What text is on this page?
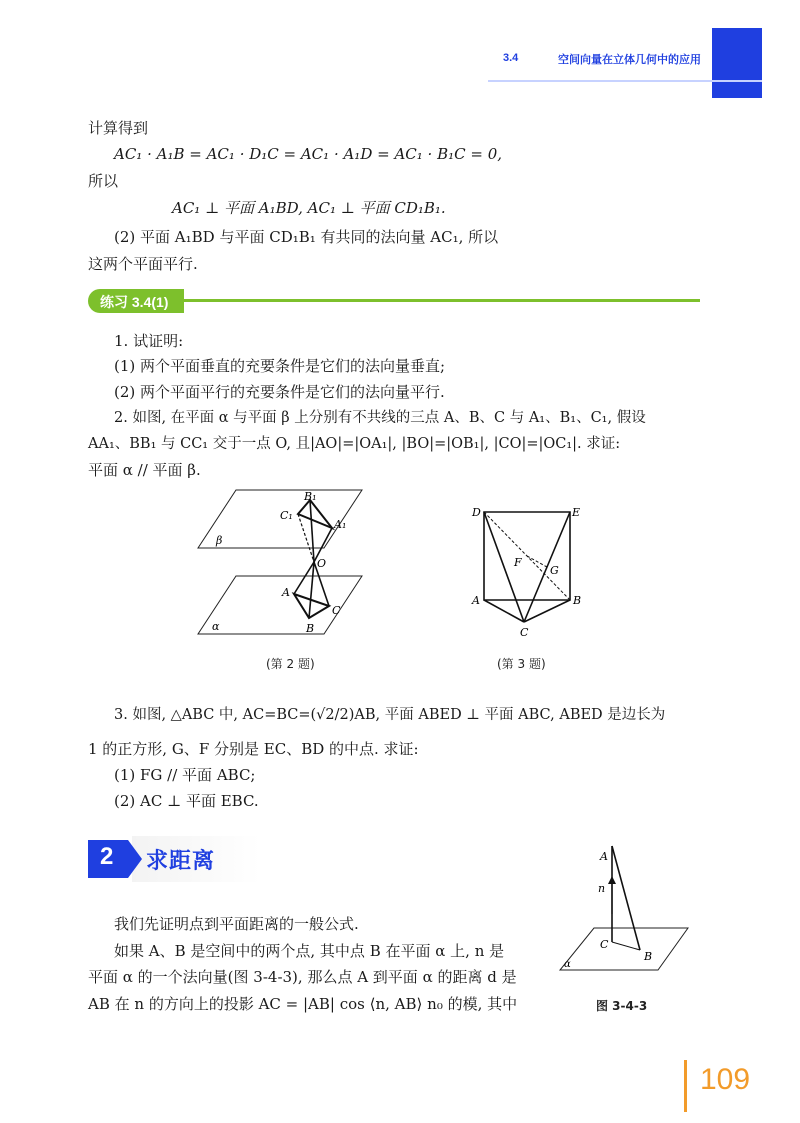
3.4	空间向量在立体几何中的应用
计算得到
AC₁ · A₁B = AC₁ · D₁C = AC₁ · A₁D = AC₁ · B₁C = 0,
所以
AC₁ ⊥ 平面 A₁BD, AC₁ ⊥ 平面 CD₁B₁.
(2) 平面 A₁BD 与平面 CD₁B₁ 有共同的法向量 AC₁, 所以
这两个平面平行.
练习 3.4(1)
1. 试证明:
(1) 两个平面垂直的充要条件是它们的法向量垂直;
(2) 两个平面平行的充要条件是它们的法向量平行.
2. 如图, 在平面 α 与平面 β 上分别有不共线的三点 A、B、C 与 A₁、B₁、C₁, 假设
AA₁、BB₁ 与 CC₁ 交于一点 O, 且|AO|=|OA₁|, |BO|=|OB₁|, |CO|=|OC₁|. 求证:
平面 α // 平面 β.
B₁
C₁
A₁
β
O
A
C
B
α
D	E
F
G
A	B
C
(第 2 题)	(第 3 题)
3. 如图, △ABC 中, AC=BC=(√2/2)AB, 平面 ABED ⊥ 平面 ABC, ABED 是边长为
1 的正方形, G、F 分别是 EC、BD 的中点. 求证:
(1) FG // 平面 ABC;
(2) AC ⊥ 平面 EBC.
2 求距离
我们先证明点到平面距离的一般公式.
如果 A、B 是空间中的两个点, 其中点 B 在平面 α 上, n 是
平面 α 的一个法向量(图 3-4-3), 那么点 A 到平面 α 的距离 d 是
AB 在 n 的方向上的投影 AC = |AB| cos ⟨n, AB⟩ n₀ 的模, 其中
A
n
C
B
α
图 3-4-3
109
